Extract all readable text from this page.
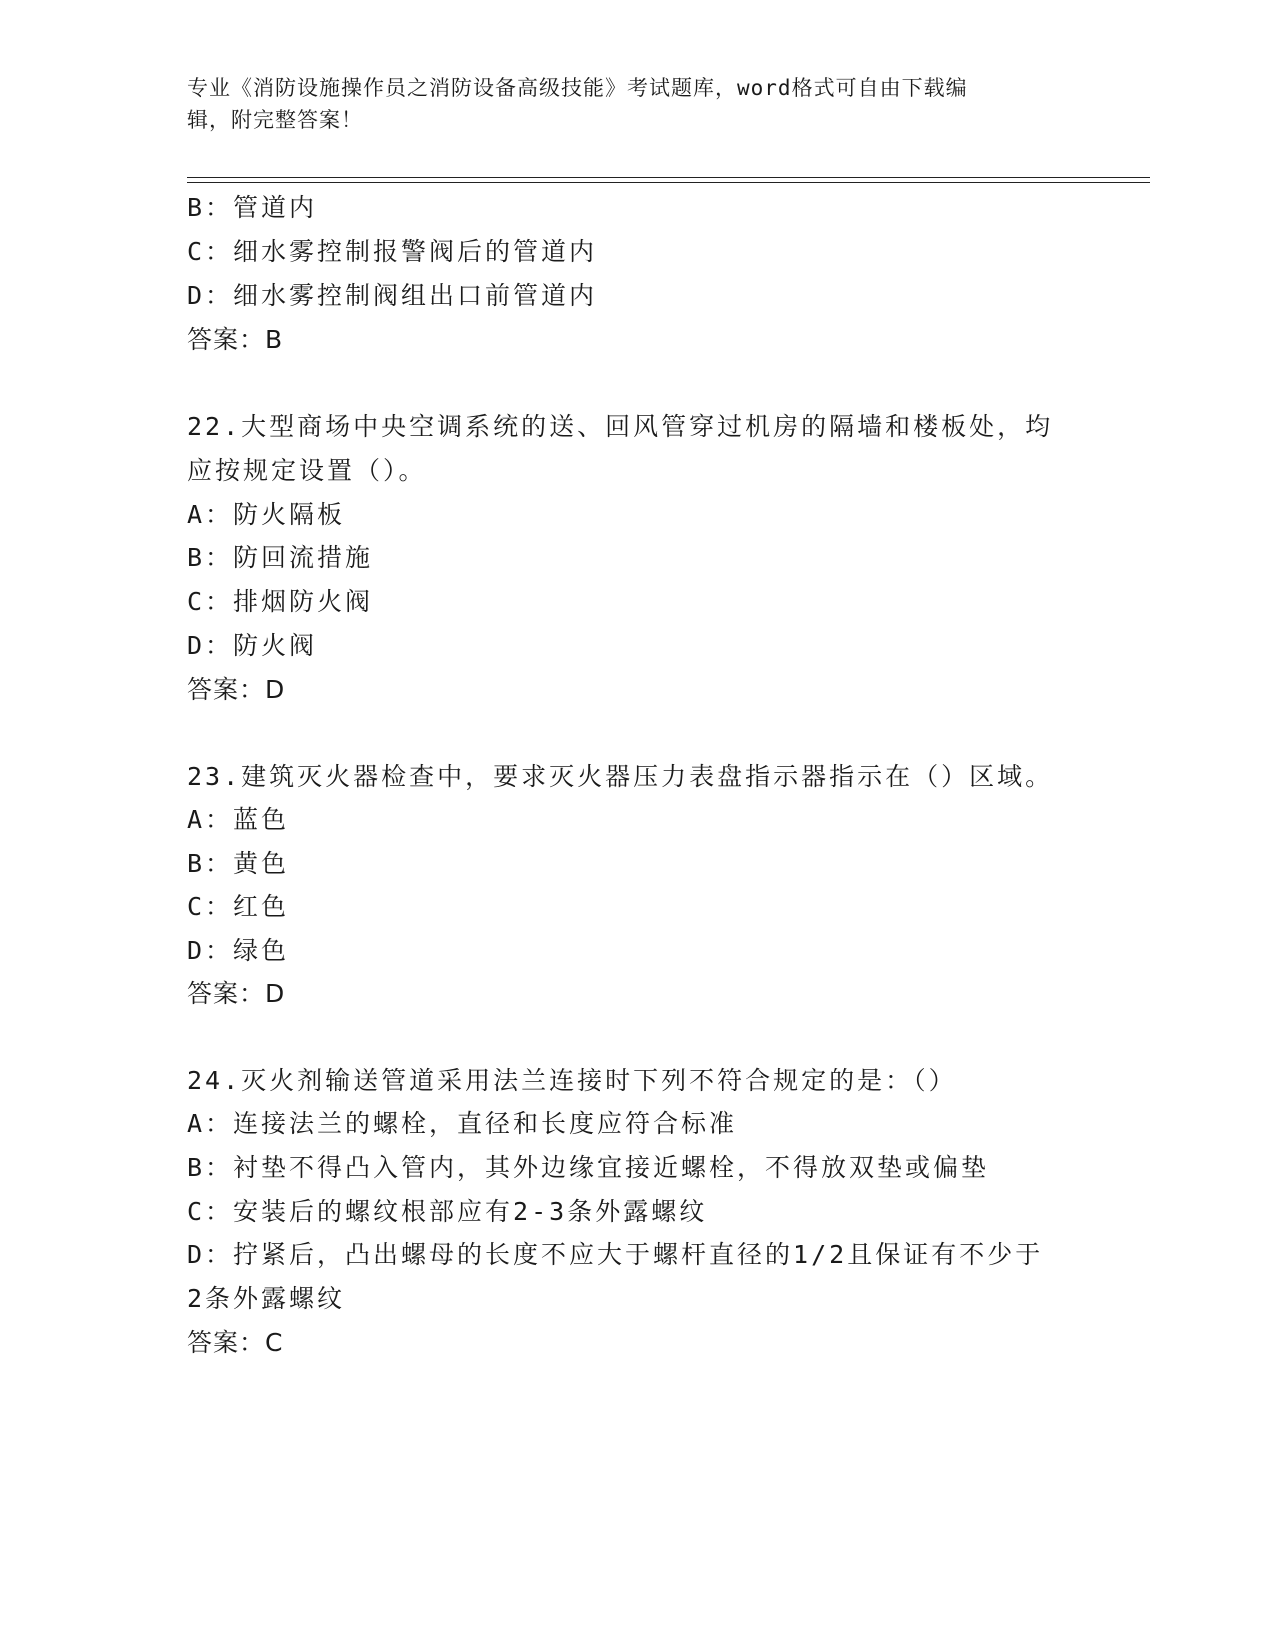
专业《消防设施操作员之消防设备高级技能》考试题库，word格式可自由下载编
辑，附完整答案！
B：管道内
C：细水雾控制报警阀后的管道内
D：细水雾控制阀组出口前管道内
答案：B
22.大型商场中央空调系统的送、回风管穿过机房的隔墙和楼板处，均
应按规定设置（）。
A：防火隔板
B：防回流措施
C：排烟防火阀
D：防火阀
答案：D
23.建筑灭火器检查中，要求灭火器压力表盘指示器指示在（）区域。
A：蓝色
B：黄色
C：红色
D：绿色
答案：D
24.灭火剂输送管道采用法兰连接时下列不符合规定的是：（）
A：连接法兰的螺栓，直径和长度应符合标准
B：衬垫不得凸入管内，其外边缘宜接近螺栓，不得放双垫或偏垫
C：安装后的螺纹根部应有2-3条外露螺纹
D：拧紧后，凸出螺母的长度不应大于螺杆直径的1/2且保证有不少于
2条外露螺纹
答案：C
